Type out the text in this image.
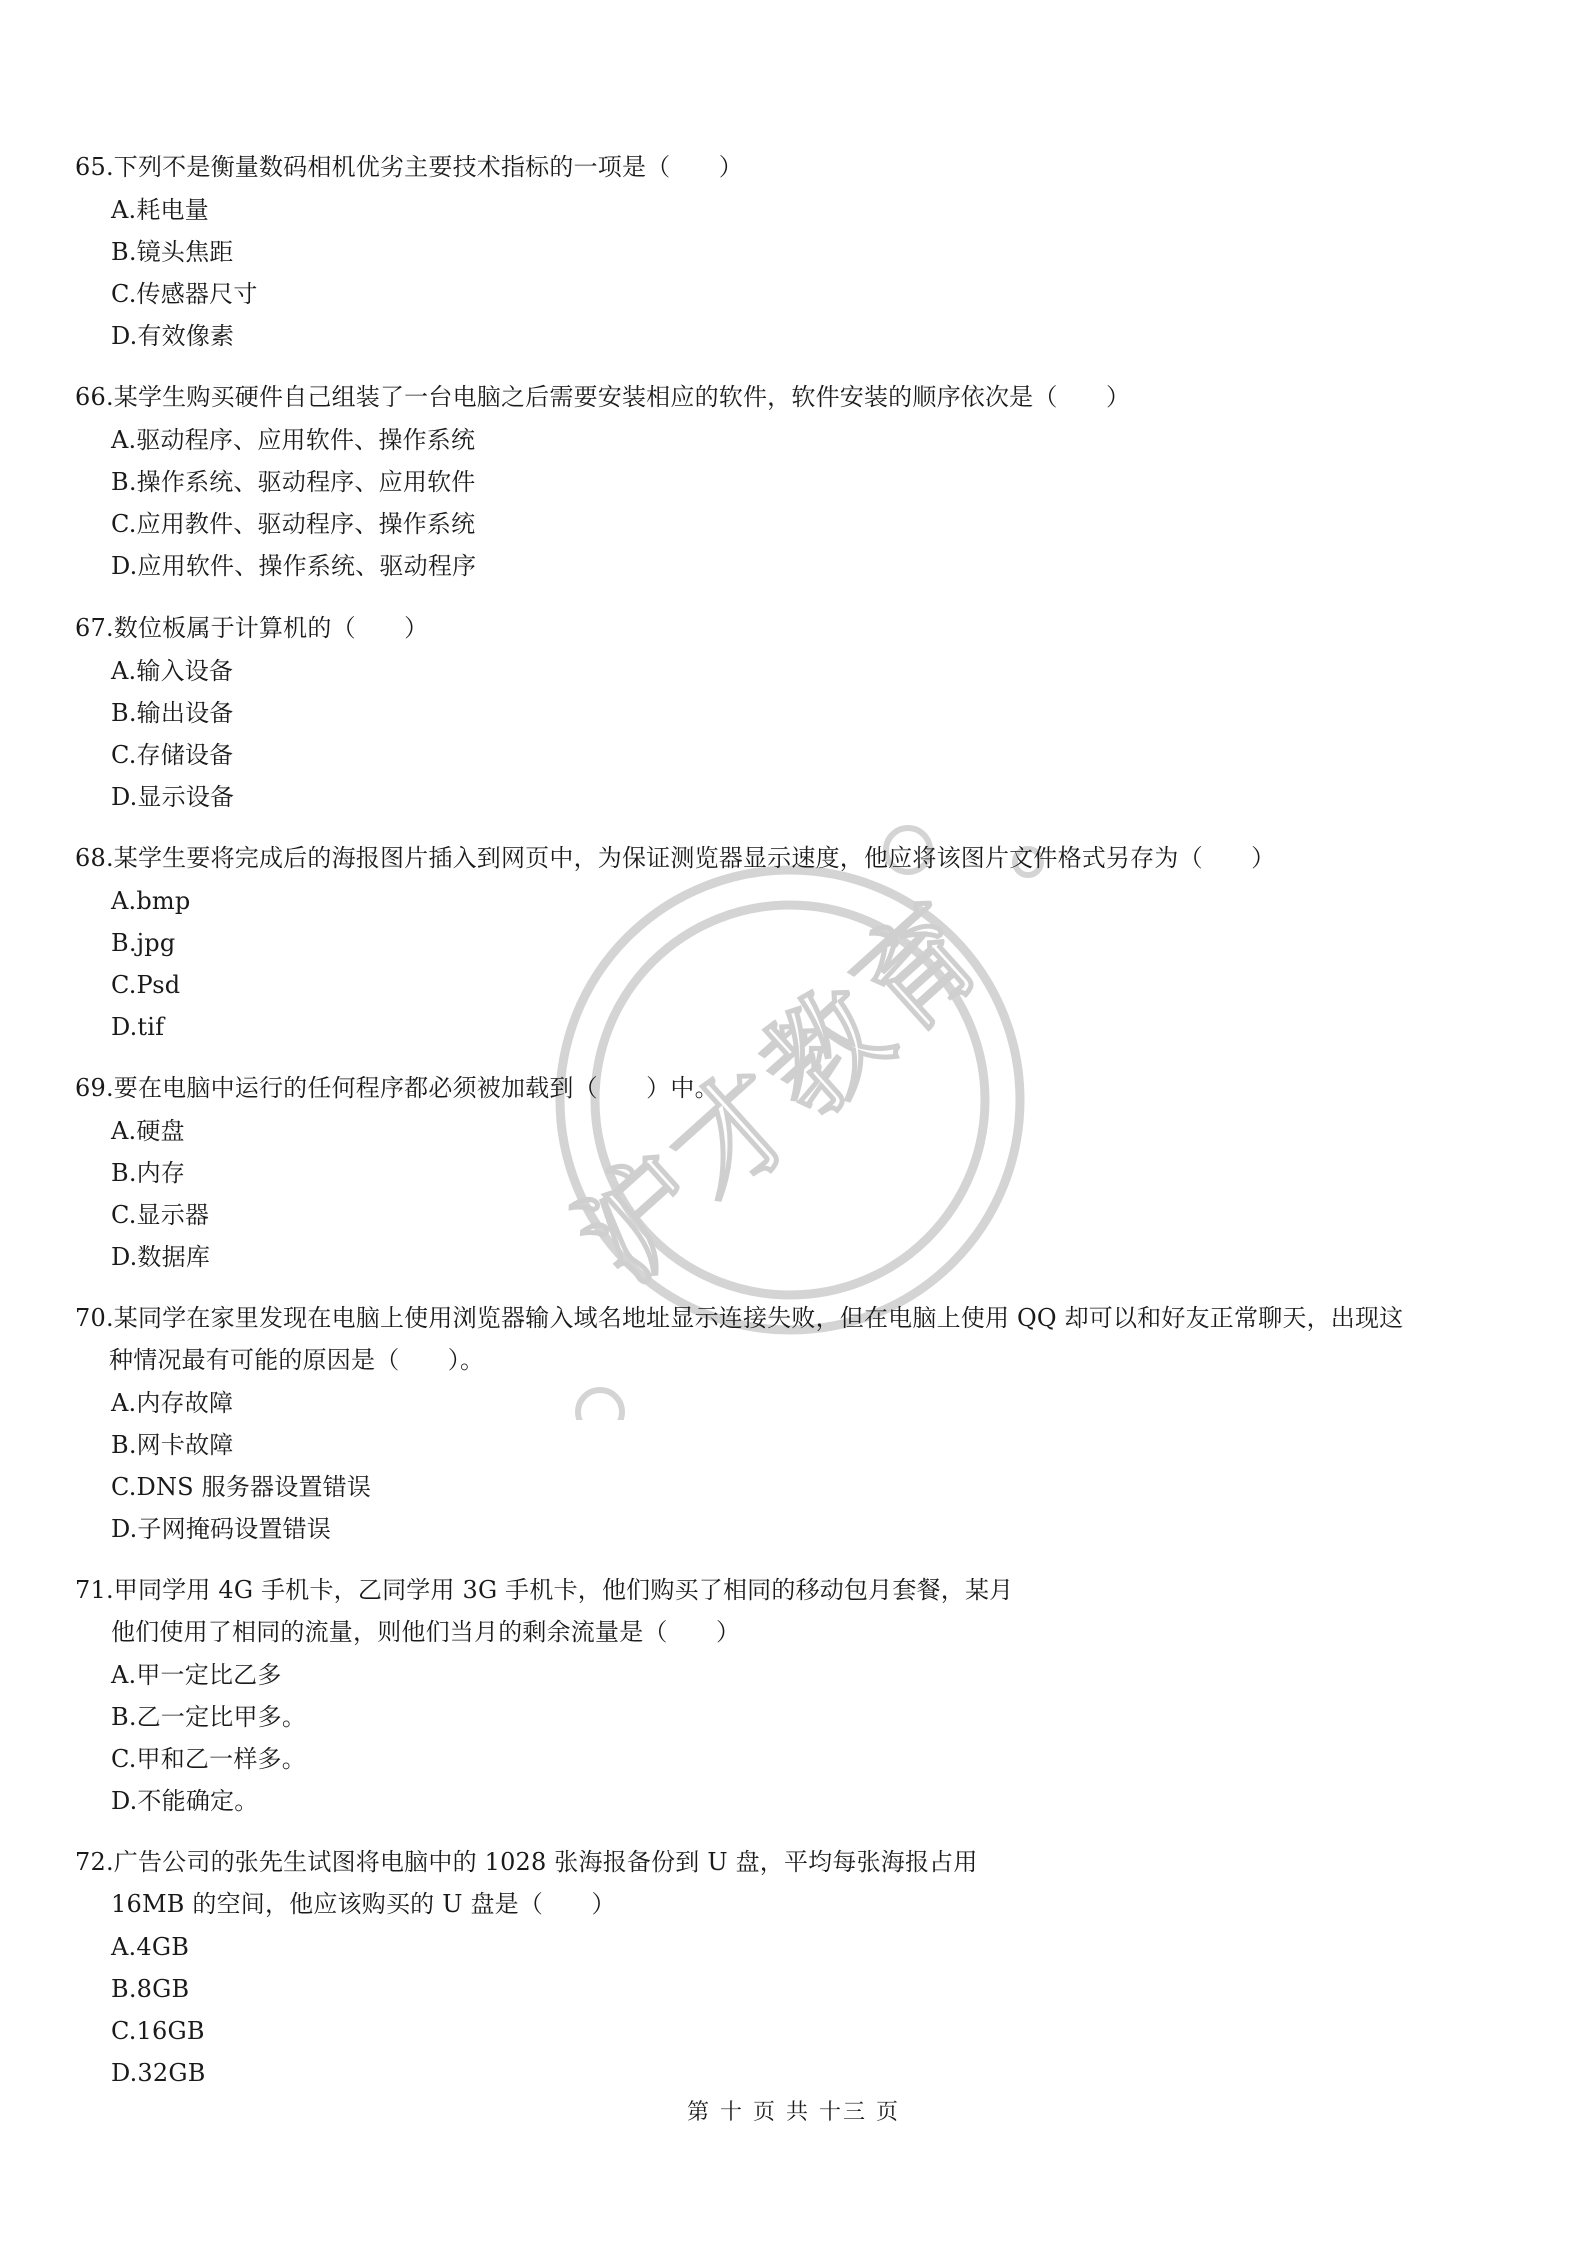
沪才教育
65.下列不是衡量数码相机优劣主要技术指标的一项是（　　）
A.耗电量
B.镜头焦距
C.传感器尺寸
D.有效像素
66.某学生购买硬件自己组装了一台电脑之后需要安装相应的软件，软件安装的顺序依次是（　　）
A.驱动程序、应用软件、操作系统
B.操作系统、驱动程序、应用软件
C.应用教件、驱动程序、操作系统
D.应用软件、操作系统、驱动程序
67.数位板属于计算机的（　　）
A.输入设备
B.输出设备
C.存储设备
D.显示设备
68.某学生要将完成后的海报图片插入到网页中，为保证测览器显示速度，他应将该图片文件格式另存为（　　）
A.bmp
B.jpg
C.Psd
D.tif
69.要在电脑中运行的任何程序都必须被加载到（　　）中。
A.硬盘
B.内存
C.显示器
D.数据库
70.某同学在家里发现在电脑上使用浏览器输入域名地址显示连接失败，但在电脑上使用 QQ 却可以和好友正常聊天，出现这
种情况最有可能的原因是（　　）。
A.内存故障
B.网卡故障
C.DNS 服务器设置错误
D.子网掩码设置错误
71.甲同学用 4G 手机卡，乙同学用 3G 手机卡，他们购买了相同的移动包月套餐，某月
他们使用了相同的流量，则他们当月的剩余流量是（　　）
A.甲一定比乙多
B.乙一定比甲多。
C.甲和乙一样多。
D.不能确定。
72.广告公司的张先生试图将电脑中的 1028 张海报备份到 U 盘，平均每张海报占用
16MB 的空间，他应该购买的 U 盘是（　　）
A.4GB
B.8GB
C.16GB
D.32GB
第 十 页 共 十三 页
